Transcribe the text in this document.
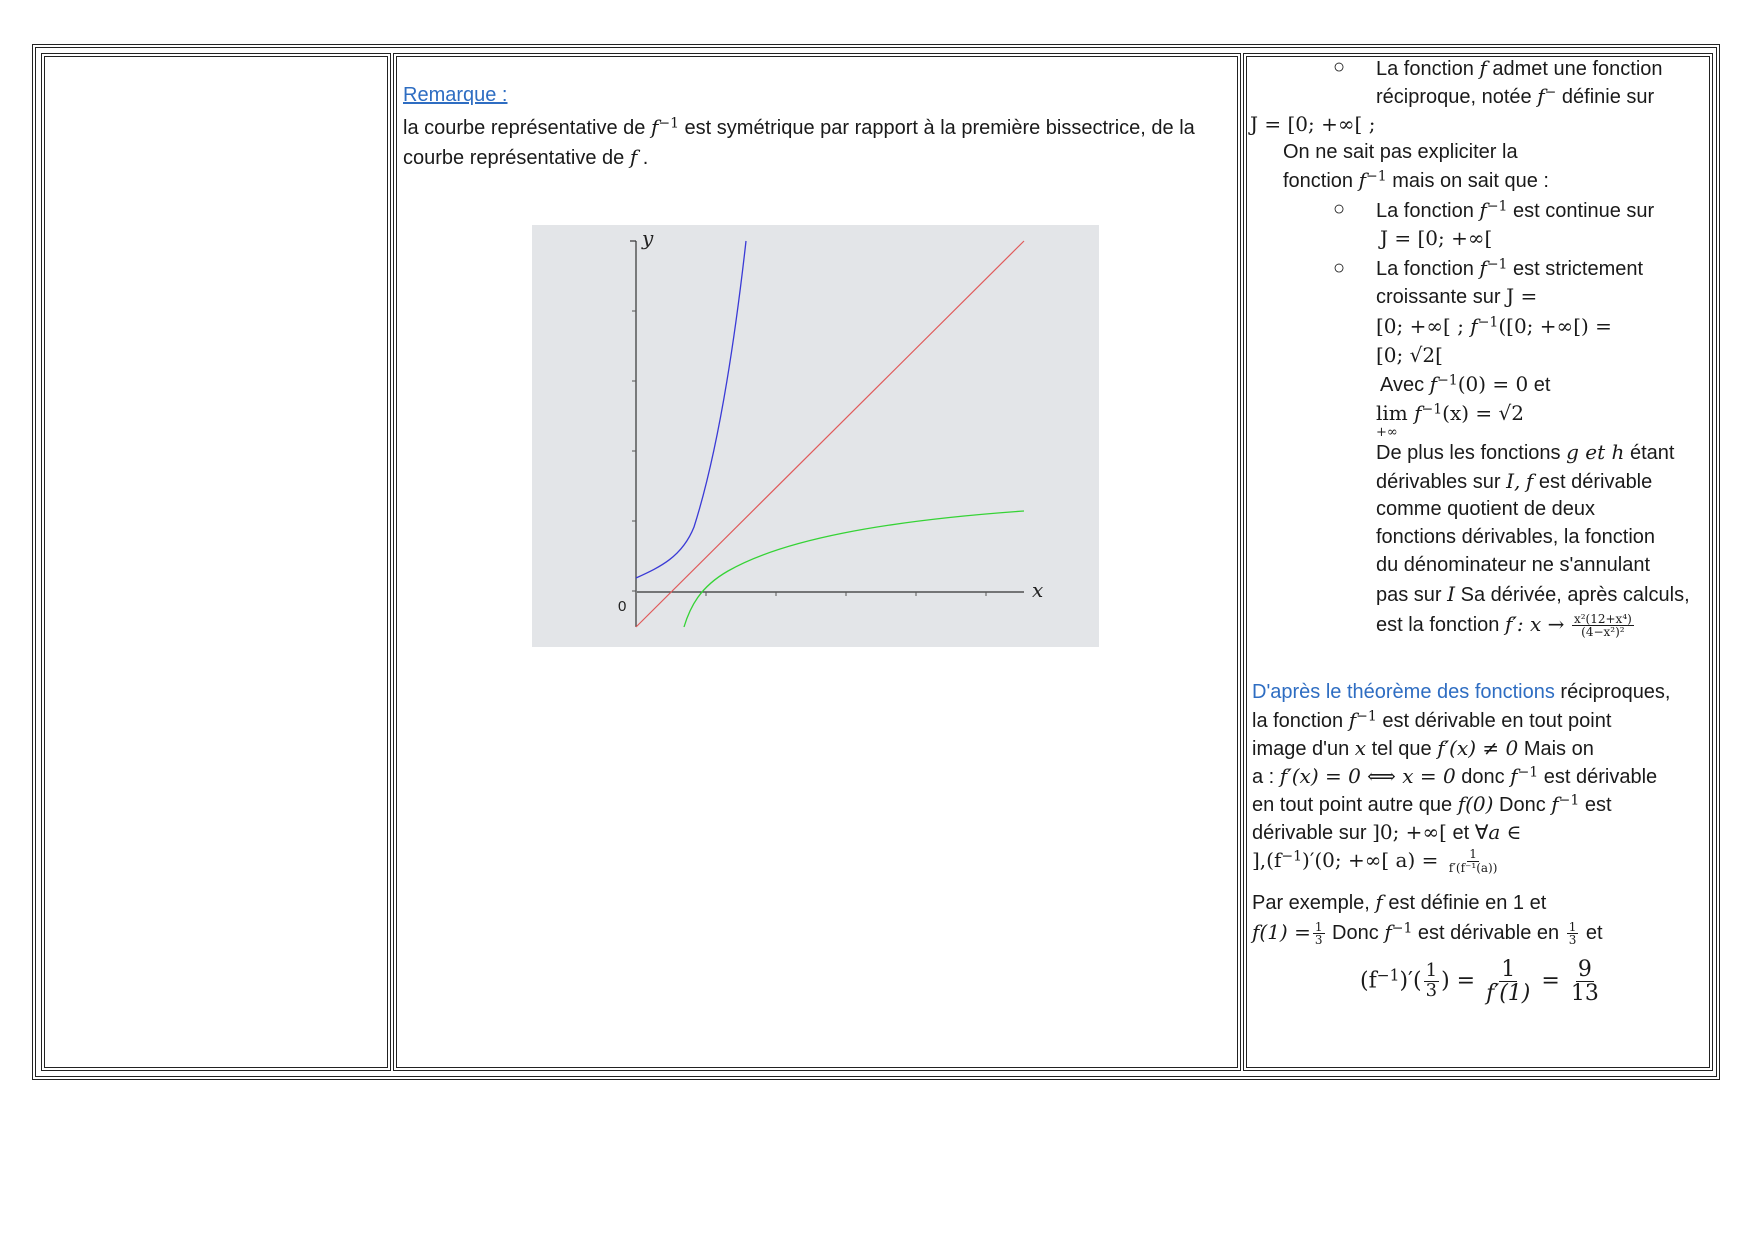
Remarque :
la courbe représentative de $f^{-1}$ est symétrique par rapport à la première bissectrice, de la courbe représentative de f .
y
x
0
○ La fonction f admet une fonction
réciproque, notée f− définie sur
J = [0; +∞[ ;
On ne sait pas expliciter la
fonction $f^{-1}$ mais on sait que :
○ La fonction $f^{-1}$ est continue sur
J = [0; +∞[
○ La fonction $f^{-1}$ est strictement
croissante sur J =
[0; +∞[ ; $f^{-1}([0$; +∞[) =
[0; √2[
Avec $f^{-1}(0) = 0$ et
lim
+∞
$f^{-1}(x) = √2$
De plus les fonctions g et h étant
dérivables sur I, f est dérivable
comme quotient de deux
fonctions dérivables, la fonction
du dénominateur ne s'annulant
pas sur I Sa dérivée, après calculs,
est la fonction f′: $x \to \frac{\text{x²(12+x⁴)}}{\text{(4−x²)²}}$
D'après le théorème des fonctions réciproques,
la fonction $f^{-1}$ est dérivable en tout point
image d'un x tel que f′(x) ≠ 0 Mais on
a : f′(x) = 0 ⟺ x = 0 donc $f^{-1}$ est dérivable
en tout point autre que f(0) Donc $f^{-1}$ est
dérivable sur ]0; +∞[ et ∀a ∈
]$,(f^{-1})'(0$; +∞[ $a) = \frac{1}{\text{f′(f⁻¹(a))}}$
Par exemple, f est définie en 1 et
$f(1) = \frac{1}{3}$ Donc $f^{-1}$ est dérivable en $\frac{1}{3}$ et
$(f^{-1})'( \frac{1}{3}$ ) = $\frac{1}{f'(1)} = \frac{9}{13}$
